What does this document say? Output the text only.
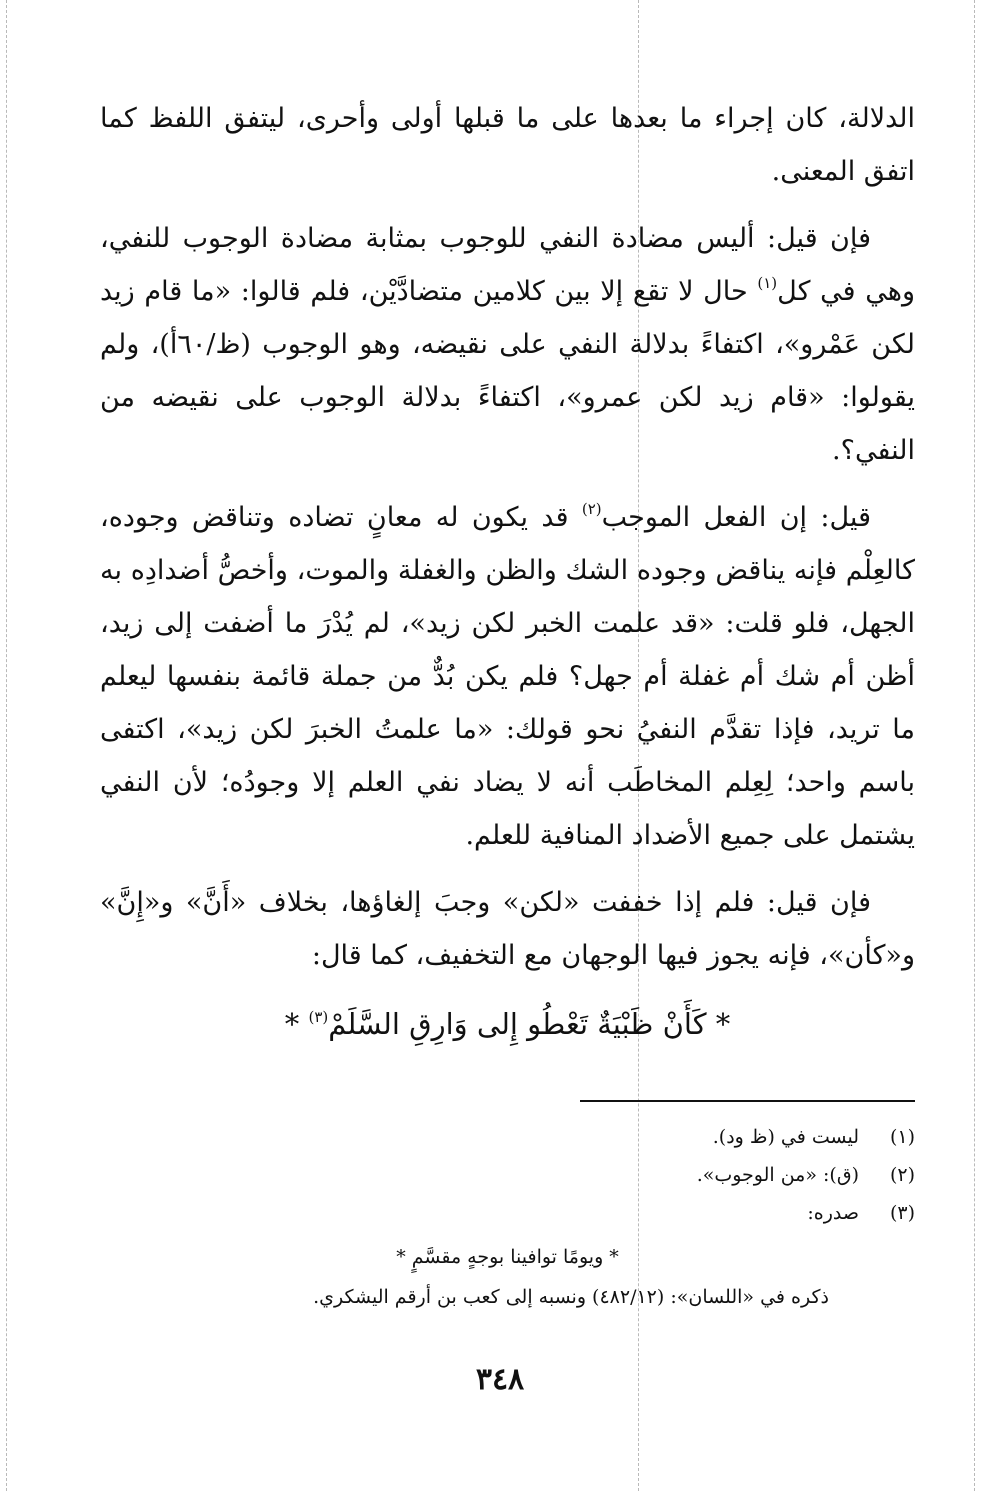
الدلالة، كان إجراء ما بعدها على ما قبلها أولى وأحرى، ليتفق اللفظ كما اتفق المعنى.

فإن قيل: أليس مضادة النفي للوجوب بمثابة مضادة الوجوب للنفي، وهي في كل$^{(١)}$ حال لا تقع إلا بين كلامين متضادَّيْن، فلم قالوا: «ما قام زيد لكن عَمْرو»، اكتفاءً بدلالة النفي على نقيضه، وهو الوجوب (ظ/٦٠أ)، ولم يقولوا: «قام زيد لكن عمرو»، اكتفاءً بدلالة الوجوب على نقيضه من النفي؟.

قيل: إن الفعل الموجب$^{(٢)}$ قد يكون له معانٍ تضاده وتناقض وجوده، كالعِلْم فإنه يناقض وجوده الشك والظن والغفلة والموت، وأخصُّ أضدادِه به الجهل، فلو قلت: «قد علمت الخبر لكن زيد»، لم يُدْرَ ما أضفت إلى زيد، أظن أم شك أم غفلة أم جهل؟ فلم يكن بُدٌّ من جملة قائمة بنفسها ليعلم ما تريد، فإذا تقدَّم النفيُ نحو قولك: «ما علمتُ الخبرَ لكن زيد»، اكتفى باسم واحد؛ لِعِلم المخاطَب أنه لا يضاد نفي العلم إلا وجودُه؛ لأن النفي يشتمل على جميع الأضداد المنافية للعلم.

فإن قيل: فلم إذا خففت «لكن» وجبَ إلغاؤها، بخلاف «أَنَّ» و«إِنَّ» و«كأن»، فإنه يجوز فيها الوجهان مع التخفيف، كما قال:

* كَأَنْ ظَبْيَةٌ تَعْطُو إِلى وَارِقِ السَّلَمْ$^{(٣)}$ *
(١)
ليست في (ظ ود).
(٢)
(ق): «من الوجوب».
(٣)
صدره:
* ويومًا توافينا بوجهٍ مقسَّمٍ *
ذكره في «اللسان»: (٤٨٢/١٢) ونسبه إلى كعب بن أرقم اليشكري.
٣٤٨
